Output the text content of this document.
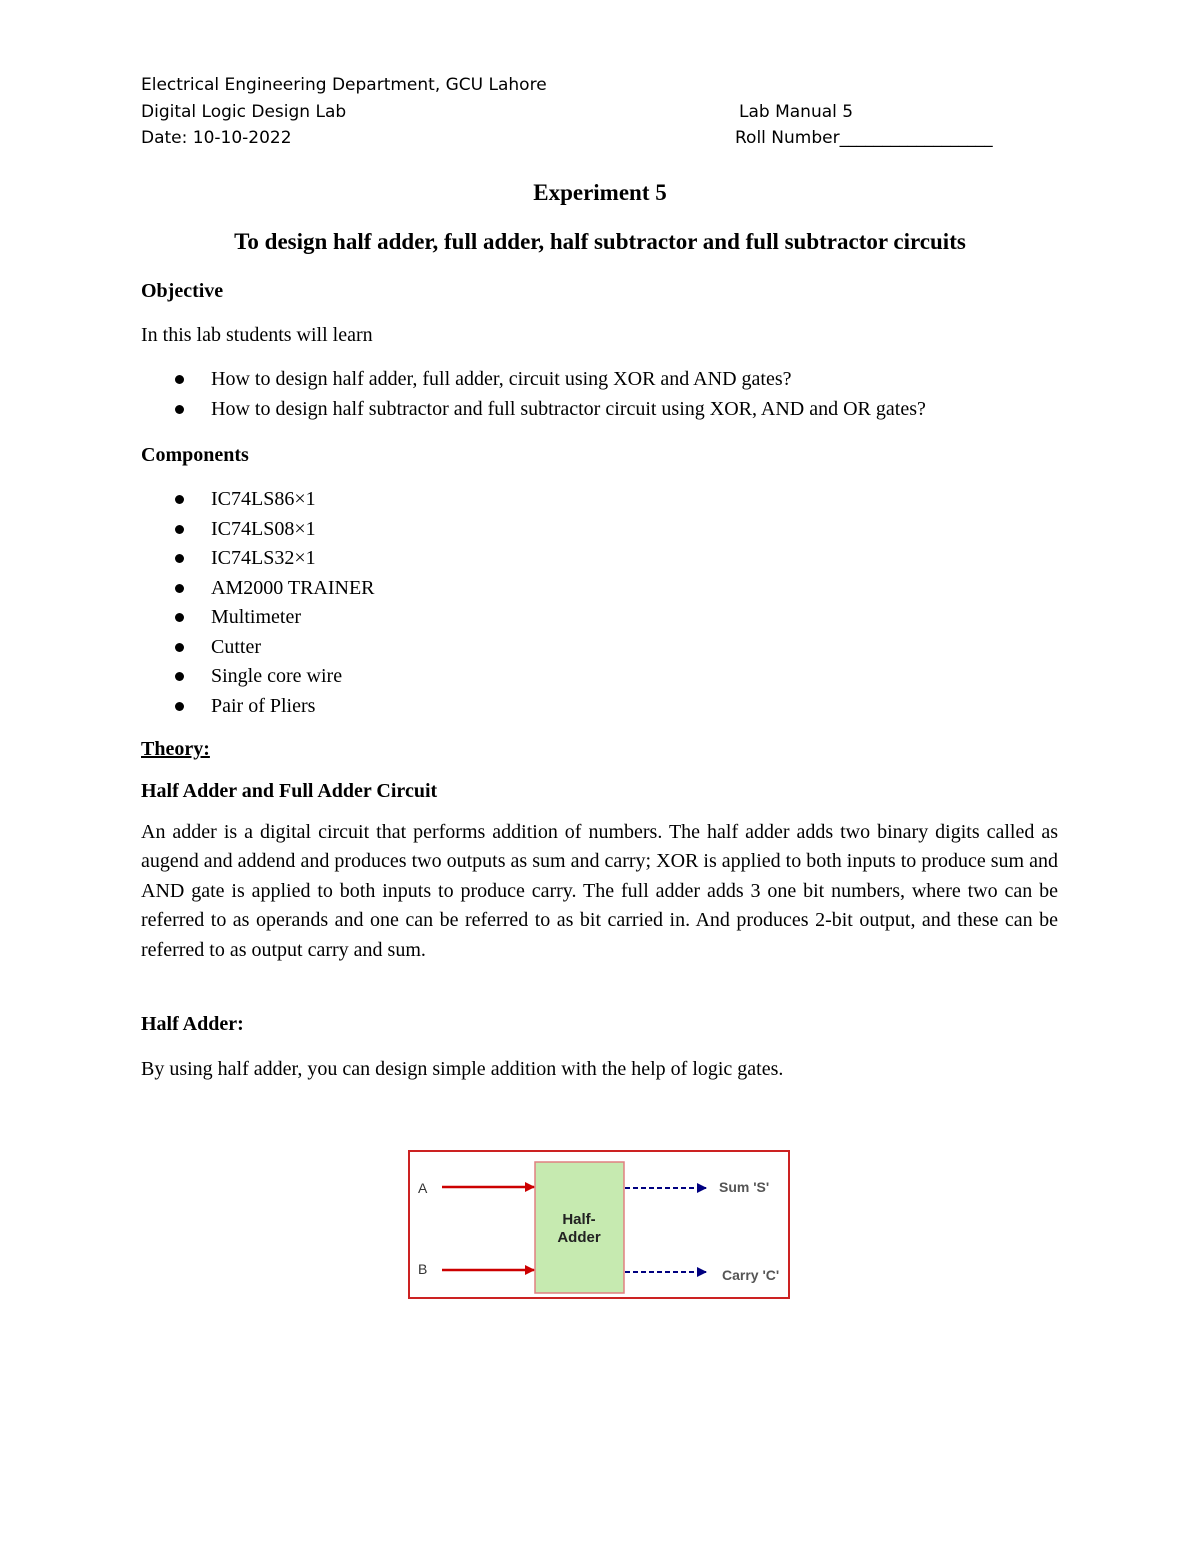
Electrical Engineering Department, GCU Lahore
Digital Logic Design Lab	Lab Manual 5
Date: 10-10-2022	Roll Number__________________
Experiment 5
To design half adder, full adder, half subtractor and full subtractor circuits
Objective
In this lab students will learn
How to design half adder, full adder, circuit using XOR and AND gates?
How to design half subtractor and full subtractor circuit using XOR, AND and OR gates?
Components
IC74LS86×1
IC74LS08×1
IC74LS32×1
AM2000 TRAINER
Multimeter
Cutter
Single core wire
Pair of Pliers
Theory:
Half Adder and Full Adder Circuit
An adder is a digital circuit that performs addition of numbers. The half adder adds two binary digits called as augend and addend and produces two outputs as sum and carry; XOR is applied to both inputs to produce sum and AND gate is applied to both inputs to produce carry. The full adder adds 3 one bit numbers, where two can be referred to as operands and one can be referred to as bit carried in. And produces 2-bit output, and these can be referred to as output carry and sum.
Half Adder:
By using half adder, you can design simple addition with the help of logic gates.
Half-
Adder
A
B
Sum 'S'
Carry 'C'
